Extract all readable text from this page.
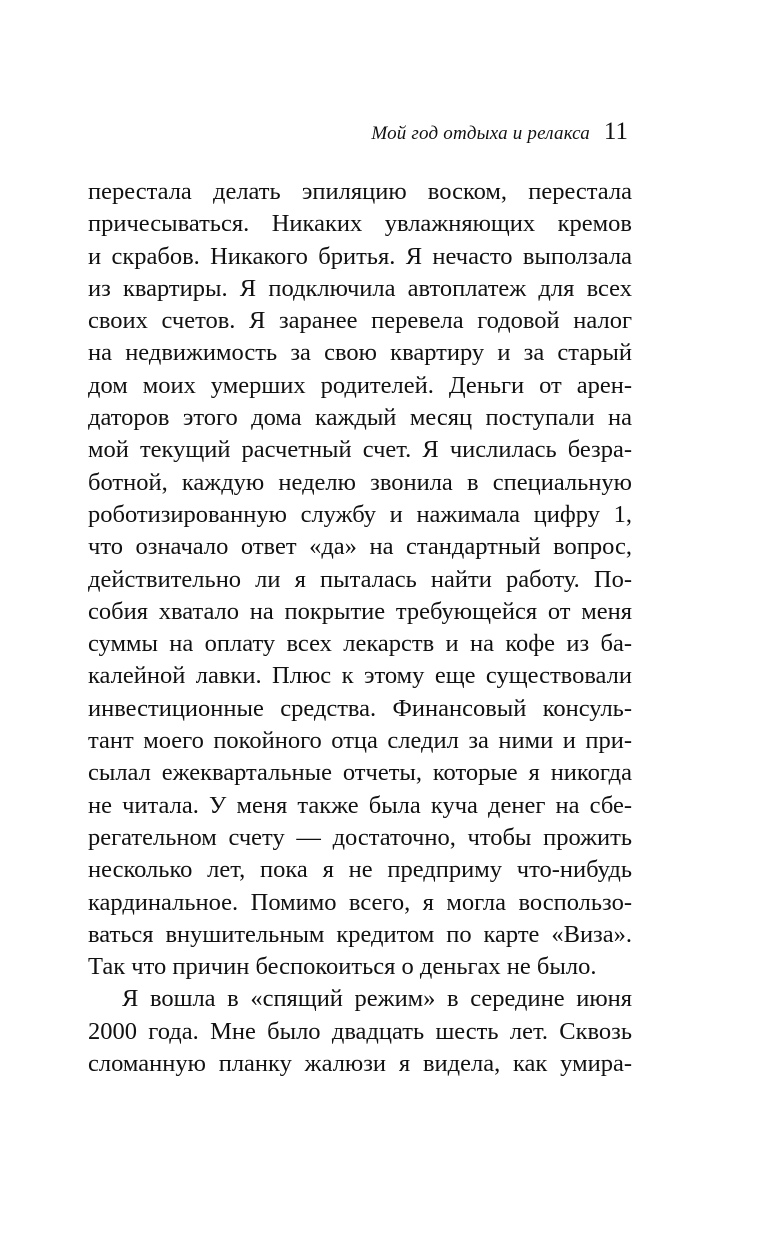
Мой год отдыха и релакса 11
перестала делать эпиляцию воском, перестала
причесываться. Никаких увлажняющих кремов
и скрабов. Никакого бритья. Я нечасто выползала
из квартиры. Я подключила автоплатеж для всех
своих счетов. Я заранее перевела годовой налог
на недвижимость за свою квартиру и за старый
дом моих умерших родителей. Деньги от арен-
даторов этого дома каждый месяц поступали на
мой текущий расчетный счет. Я числилась безра-
ботной, каждую неделю звонила в специальную
роботизированную службу и нажимала цифру 1,
что означало ответ «да» на стандартный вопрос,
действительно ли я пыталась найти работу. По-
собия хватало на покрытие требующейся от меня
суммы на оплату всех лекарств и на кофе из ба-
калейной лавки. Плюс к этому еще существовали
инвестиционные средства. Финансовый консуль-
тант моего покойного отца следил за ними и при-
сылал ежеквартальные отчеты, которые я никогда
не читала. У меня также была куча денег на сбе-
регательном счету — достаточно, чтобы прожить
несколько лет, пока я не предприму что-нибудь
кардинальное. Помимо всего, я могла воспользо-
ваться внушительным кредитом по карте «Виза».
Так что причин беспокоиться о деньгах не было.
Я вошла в «спящий режим» в середине июня
2000 года. Мне было двадцать шесть лет. Сквозь
сломанную планку жалюзи я видела, как умира-
